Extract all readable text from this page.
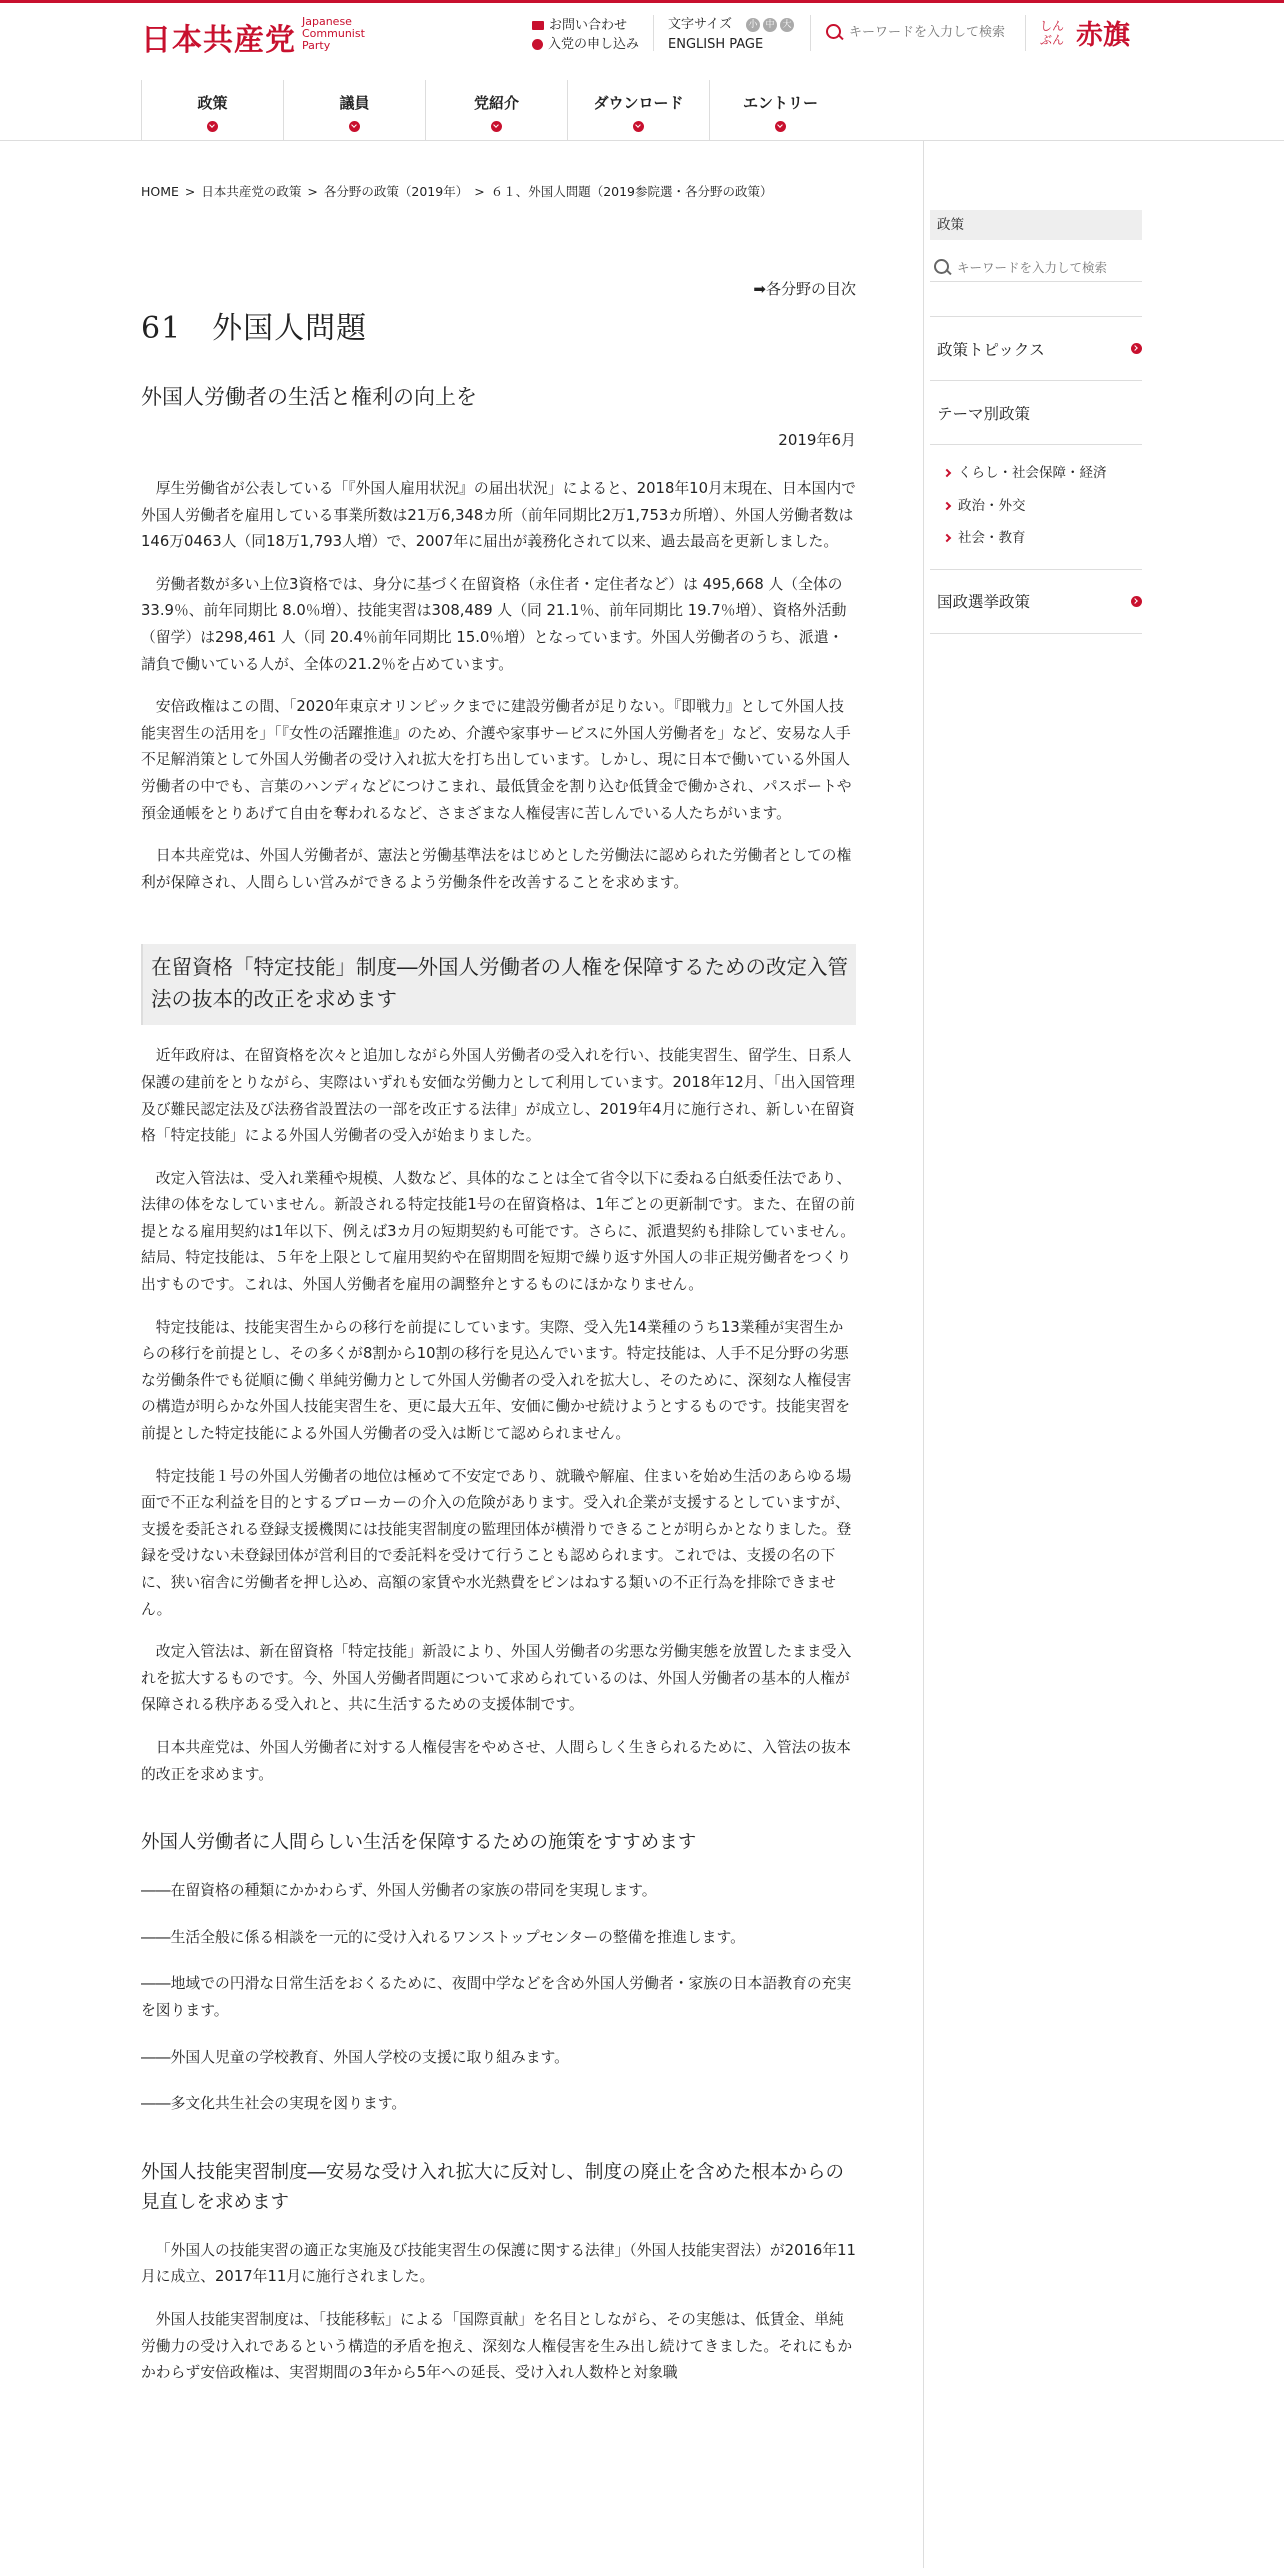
日本共産党
Japanese
Communist
Party
お問い合わせ
入党の申し込み
文字サイズ 小 中 大
ENGLISH PAGE
キーワードを入力して検索
しんぶん 赤旗
政策	議員	党紹介	ダウンロード	エントリー
HOME > 日本共産党の政策 > 各分野の政策（2019年） > ６１、外国人問題（2019参院選・各分野の政策）
➡各分野の目次
61　外国人問題
外国人労働者の生活と権利の向上を
2019年6月

厚生労働省が公表している「『外国人雇用状況』の届出状況」によると、2018年10月末現在、日本国内で外国人労働者を雇用している事業所数は21万6,348カ所（前年同期比2万1,753カ所増）、外国人労働者数は146万0463人（同18万1,793人増）で、2007年に届出が義務化されて以来、過去最高を更新しました。

労働者数が多い上位3資格では、身分に基づく在留資格（永住者・定住者など）は 495,668 人（全体の 33.9％、前年同期比 8.0％増）、技能実習は308,489 人（同 21.1％、前年同期比 19.7％増）、資格外活動（留学）は298,461 人（同 20.4％前年同期比 15.0％増）となっています。外国人労働者のうち、派遣・請負で働いている人が、全体の21.2％を占めています。

安倍政権はこの間、「2020年東京オリンピックまでに建設労働者が足りない。『即戦力』として外国人技能実習生の活用を」「『女性の活躍推進』のため、介護や家事サービスに外国人労働者を」など、安易な人手不足解消策として外国人労働者の受け入れ拡大を打ち出しています。しかし、現に日本で働いている外国人労働者の中でも、言葉のハンディなどにつけこまれ、最低賃金を割り込む低賃金で働かされ、パスポートや預金通帳をとりあげて自由を奪われるなど、さまざまな人権侵害に苦しんでいる人たちがいます。

日本共産党は、外国人労働者が、憲法と労働基準法をはじめとした労働法に認められた労働者としての権利が保障され、人間らしい営みができるよう労働条件を改善することを求めます。

在留資格「特定技能」制度―外国人労働者の人権を保障するための改定入管法の抜本的改正を求めます

近年政府は、在留資格を次々と追加しながら外国人労働者の受入れを行い、技能実習生、留学生、日系人保護の建前をとりながら、実際はいずれも安価な労働力として利用しています。2018年12月、「出入国管理及び難民認定法及び法務省設置法の一部を改正する法律」が成立し、2019年4月に施行され、新しい在留資格「特定技能」による外国人労働者の受入が始まりました。

改定入管法は、受入れ業種や規模、人数など、具体的なことは全て省令以下に委ねる白紙委任法であり、法律の体をなしていません。新設される特定技能1号の在留資格は、1年ごとの更新制です。また、在留の前提となる雇用契約は1年以下、例えば3カ月の短期契約も可能です。さらに、派遣契約も排除していません。結局、特定技能は、５年を上限として雇用契約や在留期間を短期で繰り返す外国人の非正規労働者をつくり出すものです。これは、外国人労働者を雇用の調整弁とするものにほかなりません。

特定技能は、技能実習生からの移行を前提にしています。実際、受入先14業種のうち13業種が実習生からの移行を前提とし、その多くが8割から10割の移行を見込んでいます。特定技能は、人手不足分野の劣悪な労働条件でも従順に働く単純労働力として外国人労働者の受入れを拡大し、そのために、深刻な人権侵害の構造が明らかな外国人技能実習生を、更に最大五年、安価に働かせ続けようとするものです。技能実習を前提とした特定技能による外国人労働者の受入は断じて認められません。

特定技能１号の外国人労働者の地位は極めて不安定であり、就職や解雇、住まいを始め生活のあらゆる場面で不正な利益を目的とするブローカーの介入の危険があります。受入れ企業が支援するとしていますが、支援を委託される登録支援機関には技能実習制度の監理団体が横滑りできることが明らかとなりました。登録を受けない未登録団体が営利目的で委託料を受けて行うことも認められます。これでは、支援の名の下に、狭い宿舎に労働者を押し込め、高額の家賃や水光熱費をピンはねする類いの不正行為を排除できません。

改定入管法は、新在留資格「特定技能」新設により、外国人労働者の劣悪な労働実態を放置したまま受入れを拡大するものです。今、外国人労働者問題について求められているのは、外国人労働者の基本的人権が保障される秩序ある受入れと、共に生活するための支援体制です。

日本共産党は、外国人労働者に対する人権侵害をやめさせ、人間らしく生きられるために、入管法の抜本的改正を求めます。

外国人労働者に人間らしい生活を保障するための施策をすすめます

――在留資格の種類にかかわらず、外国人労働者の家族の帯同を実現します。

――生活全般に係る相談を一元的に受け入れるワンストップセンターの整備を推進します。

――地域での円滑な日常生活をおくるために、夜間中学などを含め外国人労働者・家族の日本語教育の充実を図ります。

――外国人児童の学校教育、外国人学校の支援に取り組みます。

――多文化共生社会の実現を図ります。

外国人技能実習制度―安易な受け入れ拡大に反対し、制度の廃止を含めた根本からの見直しを求めます

「外国人の技能実習の適正な実施及び技能実習生の保護に関する法律」（外国人技能実習法）が2016年11月に成立、2017年11月に施行されました。

外国人技能実習制度は、「技能移転」による「国際貢献」を名目としながら、その実態は、低賃金、単純労働力の受け入れであるという構造的矛盾を抱え、深刻な人権侵害を生み出し続けてきました。それにもかかわらず安倍政権は、実習期間の3年から5年への延長、受け入れ人数枠と対象職

政策
キーワードを入力して検索
政策トピックス
テーマ別政策
くらし・社会保障・経済
政治・外交
社会・教育
国政選挙政策
